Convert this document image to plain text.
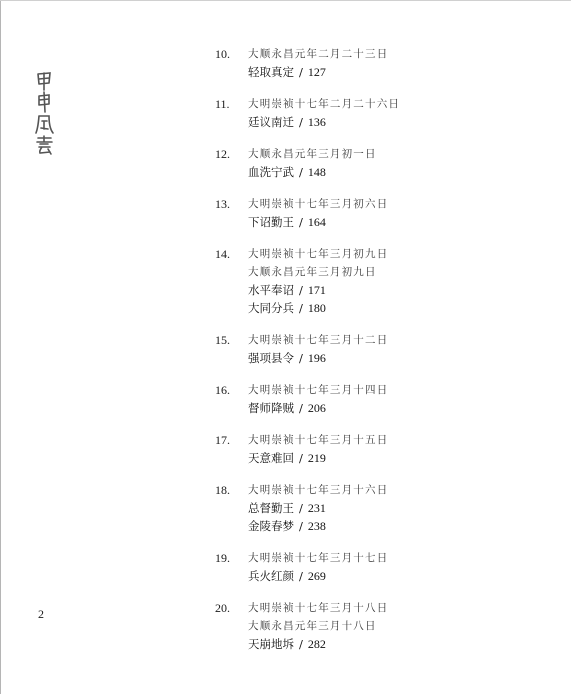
2
10. 大顺永昌元年二月二十三日
轻取真定 / 127
11. 大明崇祯十七年二月二十六日
廷议南迁 / 136
12. 大顺永昌元年三月初一日
血洗宁武 / 148
13. 大明崇祯十七年三月初六日
下诏勤王 / 164
14. 大明崇祯十七年三月初九日
大顺永昌元年三月初九日
水平奉诏 / 171
大同分兵 / 180
15. 大明崇祯十七年三月十二日
强项县令 / 196
16. 大明崇祯十七年三月十四日
督师降贼 / 206
17. 大明崇祯十七年三月十五日
天意难回 / 219
18. 大明崇祯十七年三月十六日
总督勤王 / 231
金陵春梦 / 238
19. 大明崇祯十七年三月十七日
兵火红颜 / 269
20. 大明崇祯十七年三月十八日
大顺永昌元年三月十八日
天崩地坼 / 282
